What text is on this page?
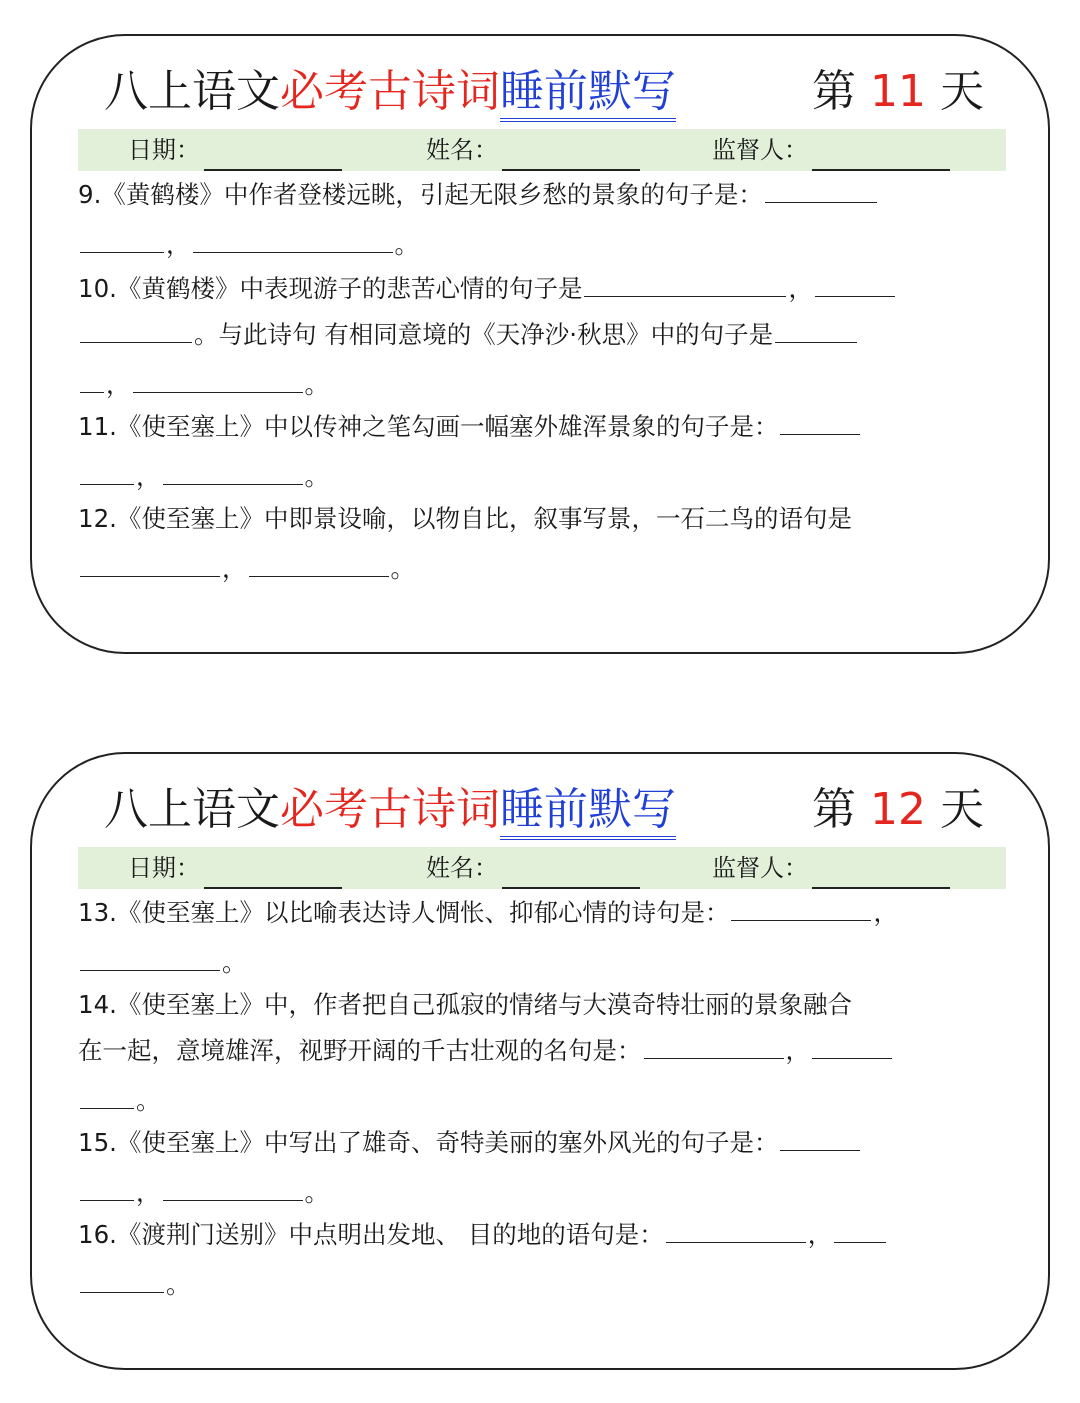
八上语文必考古诗词睡前默写	第 11 天
日期：	姓名：	监督人：
9.《黄鹤楼》中作者登楼远眺，引起无限乡愁的景象的句子是：
，	。
10.《黄鹤楼》中表现游子的悲苦心情的句子是	，
。与此诗句 有相同意境的《天净沙·秋思》中的句子是
，	。
11.《使至塞上》中以传神之笔勾画一幅塞外雄浑景象的句子是：
，	。
12.《使至塞上》中即景设喻，以物自比，叙事写景，一石二鸟的语句是
，	。
八上语文必考古诗词睡前默写	第 12 天
日期：	姓名：	监督人：
13.《使至塞上》以比喻表达诗人惆怅、抑郁心情的诗句是：	，
。
14.《使至塞上》中，作者把自己孤寂的情绪与大漠奇特壮丽的景象融合
在一起，意境雄浑，视野开阔的千古壮观的名句是：	，
。
15.《使至塞上》中写出了雄奇、奇特美丽的塞外风光的句子是：
，	。
16.《渡荆门送别》中点明出发地、 目的地的语句是：	，
。
